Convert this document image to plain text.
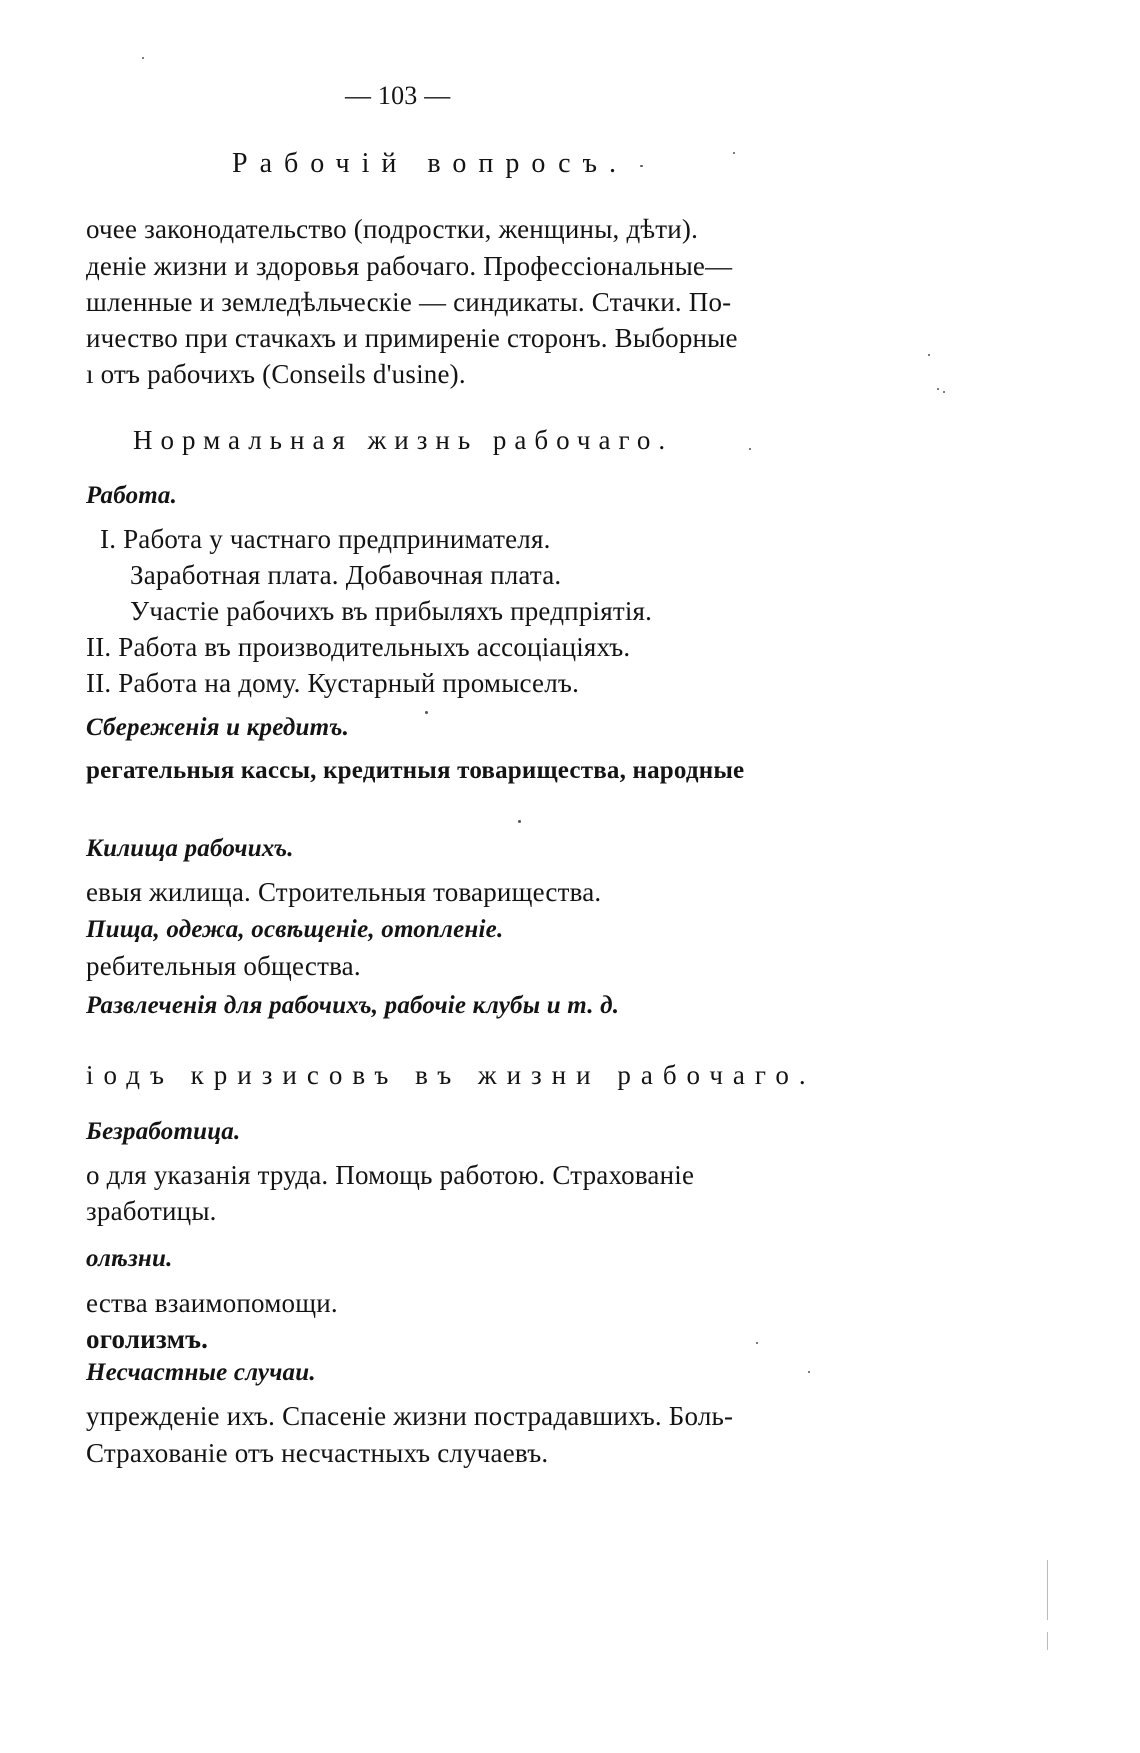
— 103 —
Рабочій вопросъ.
очее законодательство (подростки, женщины, дѣти).
деніе жизни и здоровья рабочаго. Профессіональные—
шленные и земледѣльческіе — синдикаты. Стачки. По-
ичество при стачкахъ и примиреніе сторонъ. Выборные
ı отъ рабочихъ (Conseils d'usine).
Нормальная жизнь рабочаго.
Работа.
I. Работа у частнаго предпринимателя.
Заработная плата. Добавочная плата.
Участіе рабочихъ въ прибыляхъ предпріятія.
II. Работа въ производительныхъ ассоціаціяхъ.
II. Работа на дому. Кустарный промыселъ.
Сбереженія и кредитъ.
регательныя кассы, кредитныя товарищества, народные
Килища рабочихъ.
евыя жилища. Строительныя товарищества.
Пища, одежа, освѣщеніе, отопленіе.
ребительныя общества.
Развлеченія для рабочихъ, рабочіе клубы и т. д.
іодъ кризисовъ въ жизни рабочаго.
Безработица.
о для указанія труда. Помощь работою. Страхованіе
зработицы.
олѣзни.
ества взаимопомощи.
оголизмъ.
Несчастные случаи.
упрежденіе ихъ. Спасеніе жизни пострадавшихъ. Боль-
Страхованіе отъ несчастныхъ случаевъ.
